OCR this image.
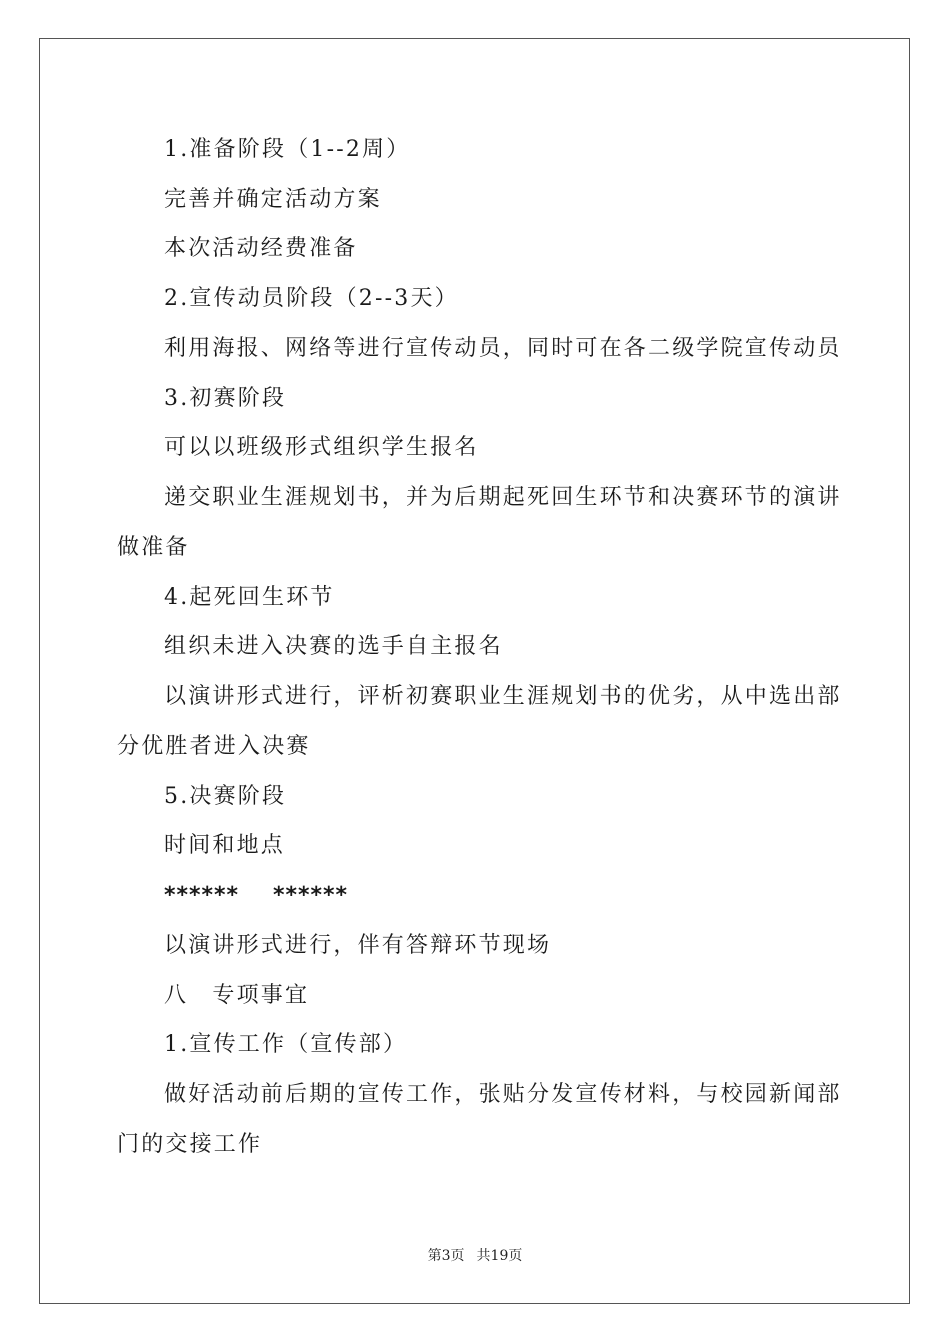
1.准备阶段（1--2周）
完善并确定活动方案
本次活动经费准备
2.宣传动员阶段（2--3天）
利用海报、网络等进行宣传动员，同时可在各二级学院宣传动员
3.初赛阶段
可以以班级形式组织学生报名
递交职业生涯规划书，并为后期起死回生环节和决赛环节的演讲
做准备
4.起死回生环节
组织未进入决赛的选手自主报名
以演讲形式进行，评析初赛职业生涯规划书的优劣，从中选出部
分优胜者进入决赛
5.决赛阶段
时间和地点
****** ******
以演讲形式进行，伴有答辩环节现场
八　专项事宜
1.宣传工作（宣传部）
做好活动前后期的宣传工作，张贴分发宣传材料，与校园新闻部
门的交接工作
第3页 共19页
